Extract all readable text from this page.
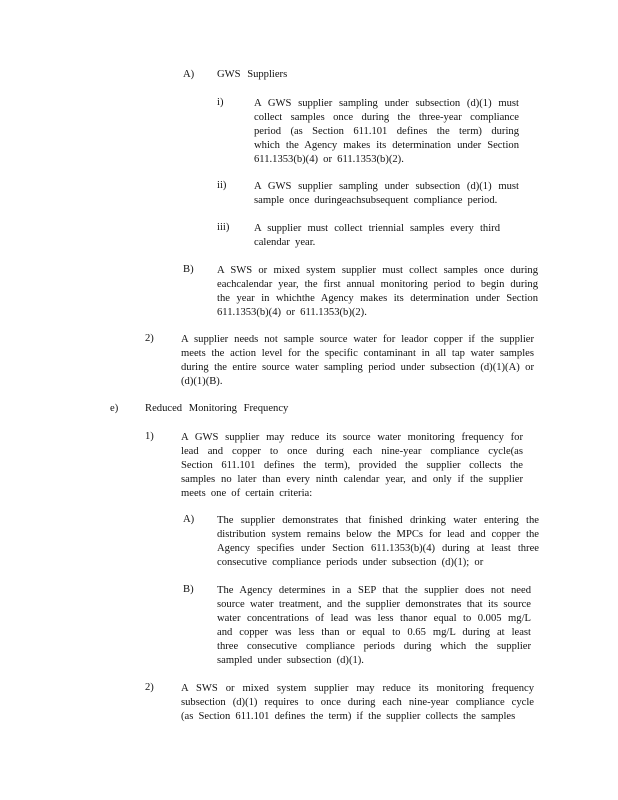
A) GWS Suppliers
i)	A GWS supplier sampling under subsection (d)(1) must collect samples once during the three-year compliance period (as Section 611.101 defines the term) during which the Agency makes its determination under Section 611.1353(b)(4) or 611.1353(b)(2).
ii)	A GWS supplier sampling under subsection (d)(1) must sample once duringeachsubsequent compliance period.
iii) A supplier must collect triennial samples every third calendar year.
B) A SWS or mixed system supplier must collect samples once during eachcalendar year, the first annual monitoring period to begin during the year in whichthe Agency makes its determination under Section 611.1353(b)(4) or 611.1353(b)(2).
2)	A supplier needs not sample source water for leador copper if the supplier meets the action level for the specific contaminant in all tap water samples during the entire source water sampling period under subsection (d)(1)(A) or (d)(1)(B).
e)	Reduced Monitoring Frequency
1)	A GWS supplier may reduce its source water monitoring frequency for lead and copper to once during each nine-year compliance cycle(as Section 611.101 defines the term), provided the supplier collects the samples no later than every ninth calendar year, and only if the supplier meets one of certain criteria:
A) The supplier demonstrates that finished drinking water entering the distribution system remains below the MPCs for lead and copper the Agency specifies under Section 611.1353(b)(4) during at least three consecutive compliance periods under subsection (d)(1); or
B) The Agency determines in a SEP that the supplier does not need source water treatment, and the supplier demonstrates that its source water concentrations of lead was less thanor equal to 0.005 mg/L and copper was less than or equal to 0.65 mg/L during at least three consecutive compliance periods during which the supplier sampled under subsection (d)(1).
2)	A SWS or mixed system supplier may reduce its monitoring frequency subsection (d)(1) requires to once during each nine-year compliance cycle (as Section 611.101 defines the term) if the supplier collects the samples
